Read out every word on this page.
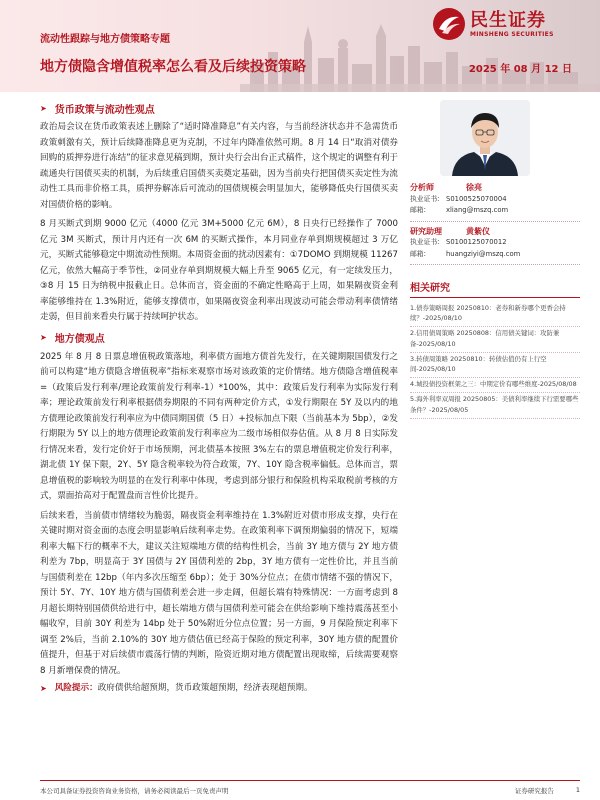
流动性跟踪与地方债策略专题
地方债隐含增值税率怎么看及后续投资策略	2025 年 08 月 12 日
民生证券
MINSHENG SECURITIES
➤ 货币政策与流动性观点

政治局会议在货币政策表述上删除了“适时降准降息”有关内容，与当前经济状态并不急需货币政策刺激有关，预计后续降准降息更为克制，不过年内降准依然可期。8 月 14 日“取消对债券回购的质押券进行冻结”的征求意见稿到期，预计央行会出台正式稿件，这个规定的调整有利于疏通央行国债买卖的机制，为后续重启国债买卖奠定基础，因为当前央行把国债买卖定性为流动性工具而非价格工具，质押券解冻后可流动的国债规模会明显加大，能够降低央行国债买卖对国债价格的影响。

8 月买断式到期 9000 亿元（4000 亿元 3M+5000 亿元 6M），8 日央行已经操作了 7000 亿元 3M 买断式，预计月内还有一次 6M 的买断式操作，本月同业存单到期规模超过 3 万亿元，买断式能够稳定中期流动性预期。本周资金面的扰动因素有：①7DOMO 到期规模 11267 亿元，依然大幅高于季节性，②同业存单到期规模大幅上升至 9065 亿元，有一定续发压力，③8 月 15 日为纳税申报截止日。总体而言，资金面的不确定性略高于上周，如果隔夜资金利率能够维持在 1.3%附近，能够支撑债市，如果隔夜资金利率出现波动可能会带动利率债情绪走弱，但目前来看央行属于持续呵护状态。

➤ 地方债观点

2025 年 8 月 8 日票息增值税政策落地，利率债方面地方债首先发行，在关键期限国债发行之前可以构建“地方债隐含增值税率”指标来观察市场对该政策的定价情绪。地方债隐含增值税率=（政策后发行利率/理论政策前发行利率-1）*100%，其中：政策后发行利率为实际发行利率；理论政策前发行利率根据债券期限的不同有两种定价方式，①发行期限在 5Y 及以内的地方债理论政策前发行利率应为中债同期国债（5 日）+投标加点下限（当前基本为 5bp），②发行期限为 5Y 以上的地方债理论政策前发行利率应为二级市场相似券估值。从 8 月 8 日实际发行情况来看，发行定价好于市场预期，河北债基本按照 3%左右的票息增值税定价发行利率，湖北债 1Y 保下限，2Y、5Y 隐含税率较为符合政策，7Y、10Y 隐含税率偏低。总体而言，票息增值税的影响较为明显的在发行利率中体现，考虑到部分银行和保险机构采取税前考核的方式，票面抬高对于配置盘而言性价比提升。

后续来看，当前债市情绪较为脆弱，隔夜资金利率维持在 1.3%附近对债市形成支撑，央行在关键时期对资金面的态度会明显影响后续利率走势。在政策利率下调预期偏弱的情况下，短端利率大幅下行的概率不大，建议关注短端地方债的结构性机会，当前 3Y 地方债与 2Y 地方债利差为 7bp，明显高于 3Y 国债与 2Y 国债利差的 2bp，3Y 地方债有一定性价比，并且当前与国债利差在 12bp（年内多次压缩至 6bp）；处于 30%分位点；在债市情绪不强的情况下，预计 5Y、7Y、10Y 地方债与国债利差会进一步走阔，但超长端有特殊情况：一方面考虑到 8 月超长期特别国债供给进行中，超长端地方债与国债利差可能会在供给影响下维持震荡甚至小幅收窄，目前 30Y 利差为 14bp 处于 50%附近分位点位置；另一方面，9 月保险预定利率下调至 2%后，当前 2.10%的 30Y 地方债估值已经高于保险的预定利率，30Y 地方债的配置价值提升，但基于对后续债市震荡行情的判断，险资近期对地方债配置出现取缔，后续需要观察 8 月新增保费的情况。

➤ 风险提示：政府债供给超预期，货币政策超预期，经济表现超预期。
分析师	徐亮
执业证书: S0100525070004
邮箱:	xliang@mszq.com
研究助理	黄紫仪
执业证书: S0100125070012
邮箱:	huangziyi@mszq.com
相关研究
1.债券策略周报 20250810：老券和新券哪个更香会持续？-2025/08/10
2.信用债周策略 20250808：信用债关键词：攻防兼备-2025/08/10
3.转债周策略 20250810：转债估值仍有上行空间-2025/08/10
4.城投债投资框架之三：中期定价有哪些维度-2025/08/08
5.海外利率双周报 20250805：美债利率继续下行需要哪些条件？-2025/08/05
本公司具备证券投资咨询业务资格，请务必阅读最后一页免责声明	证券研究报告	1
